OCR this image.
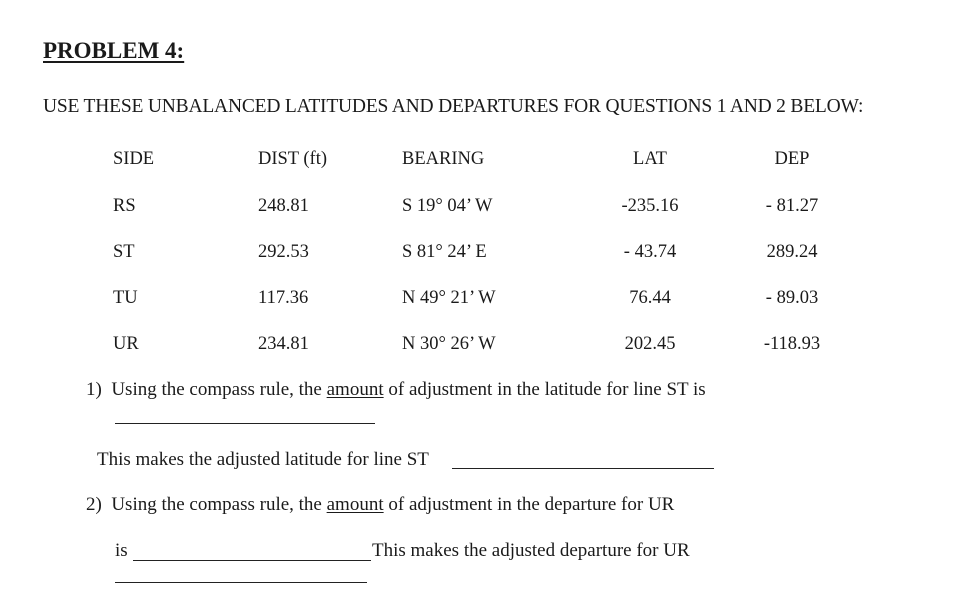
PROBLEM 4:
USE THESE UNBALANCED LATITUDES AND DEPARTURES FOR QUESTIONS 1 AND 2 BELOW:
SIDE	DIST (ft)	BEARING	LAT	DEP
RS	248.81	S 19° 04’ W	-235.16	- 81.27
ST	292.53	S 81° 24’ E	- 43.74	289.24
TU	117.36	N 49° 21’ W	76.44	- 89.03
UR	234.81	N 30° 26’ W	202.45	-118.93
1) Using the compass rule, the amount of adjustment in the latitude for line ST is
This makes the adjusted latitude for line ST
2) Using the compass rule, the amount of adjustment in the departure for UR
is	This makes the adjusted departure for UR
